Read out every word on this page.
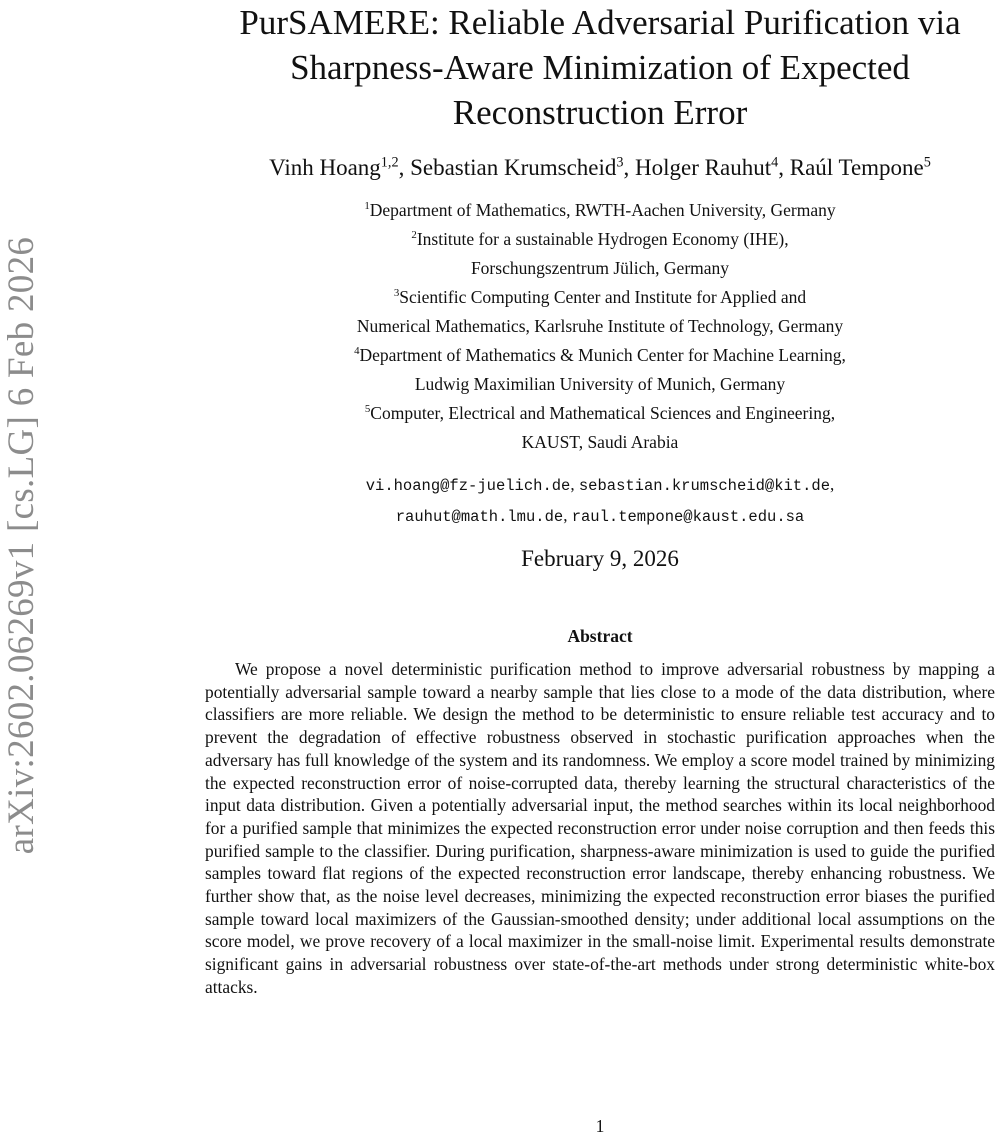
arXiv:2602.06269v1 [cs.LG] 6 Feb 2026
PurSAMERE: Reliable Adversarial Purification via Sharpness-Aware Minimization of Expected Reconstruction Error
Vinh Hoang$^{1,2}$, Sebastian Krumscheid$^3$, Holger Rauhut$^4$, Raúl Tempone$^5$
$^1$Department of Mathematics, RWTH-Aachen University, Germany
$^2$Institute for a sustainable Hydrogen Economy (IHE),
Forschungszentrum Jülich, Germany
$^3$Scientific Computing Center and Institute for Applied and
Numerical Mathematics, Karlsruhe Institute of Technology, Germany
$^4$Department of Mathematics & Munich Center for Machine Learning,
Ludwig Maximilian University of Munich, Germany
$^5$Computer, Electrical and Mathematical Sciences and Engineering,
KAUST, Saudi Arabia
vi.hoang@fz-juelich.de, sebastian.krumscheid@kit.de,
rauhut@math.lmu.de, raul.tempone@kaust.edu.sa
February 9, 2026
Abstract

We propose a novel deterministic purification method to improve adversarial robustness by mapping a potentially adversarial sample toward a nearby sample that lies close to a mode of the data distribution, where classifiers are more reliable. We design the method to be deterministic to ensure reliable test accuracy and to prevent the degradation of effective robustness observed in stochastic purification approaches when the adversary has full knowledge of the system and its randomness. We employ a score model trained by minimizing the expected reconstruction error of noise-corrupted data, thereby learning the structural characteristics of the input data distribution. Given a potentially adversarial input, the method searches within its local neighborhood for a purified sample that minimizes the expected reconstruction error under noise corruption and then feeds this purified sample to the classifier. During purification, sharpness-aware minimization is used to guide the purified samples toward flat regions of the expected reconstruction error landscape, thereby enhancing robustness. We further show that, as the noise level decreases, minimizing the expected reconstruction error biases the purified sample toward local maximizers of the Gaussian-smoothed density; under additional local assumptions on the score model, we prove recovery of a local maximizer in the small-noise limit. Experimental results demonstrate significant gains in adversarial robustness over state-of-the-art methods under strong deterministic white-box attacks.

1
